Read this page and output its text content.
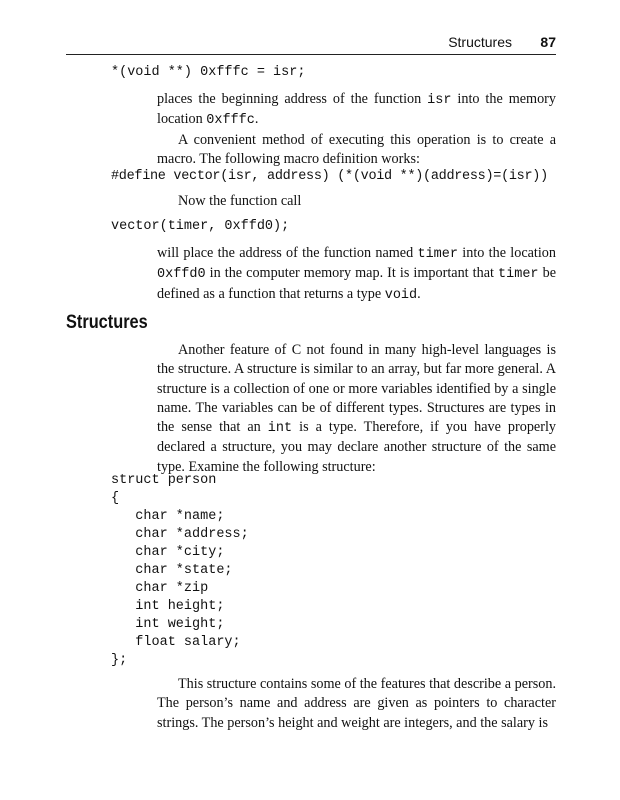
Structures 87
*(void **) 0xfffc = isr;

places the beginning address of the function isr into the memory location 0xfffc.

A convenient method of executing this operation is to create a macro. The following macro definition works:

#define vector(isr, address) (*(void **)(address)=(isr))
Now the function call
vector(timer, 0xffd0);
will place the address of the function named timer into the location 0xffd0 in the computer memory map. It is important that timer be defined as a function that returns a type void.
Structures
Another feature of C not found in many high-level languages is the structure. A structure is similar to an array, but far more general. A structure is a collection of one or more variables identified by a single name. The variables can be of different types. Structures are types in the sense that an int is a type. Therefore, if you have properly declared a structure, you may declare another structure of the same type. Examine the following structure:
struct person
{
char *name;
char *address;
char *city;
char *state;
char *zip
int height;
int weight;
float salary;
};
This structure contains some of the features that describe a person. The person’s name and address are given as pointers to character strings. The person’s height and weight are integers, and the salary is
